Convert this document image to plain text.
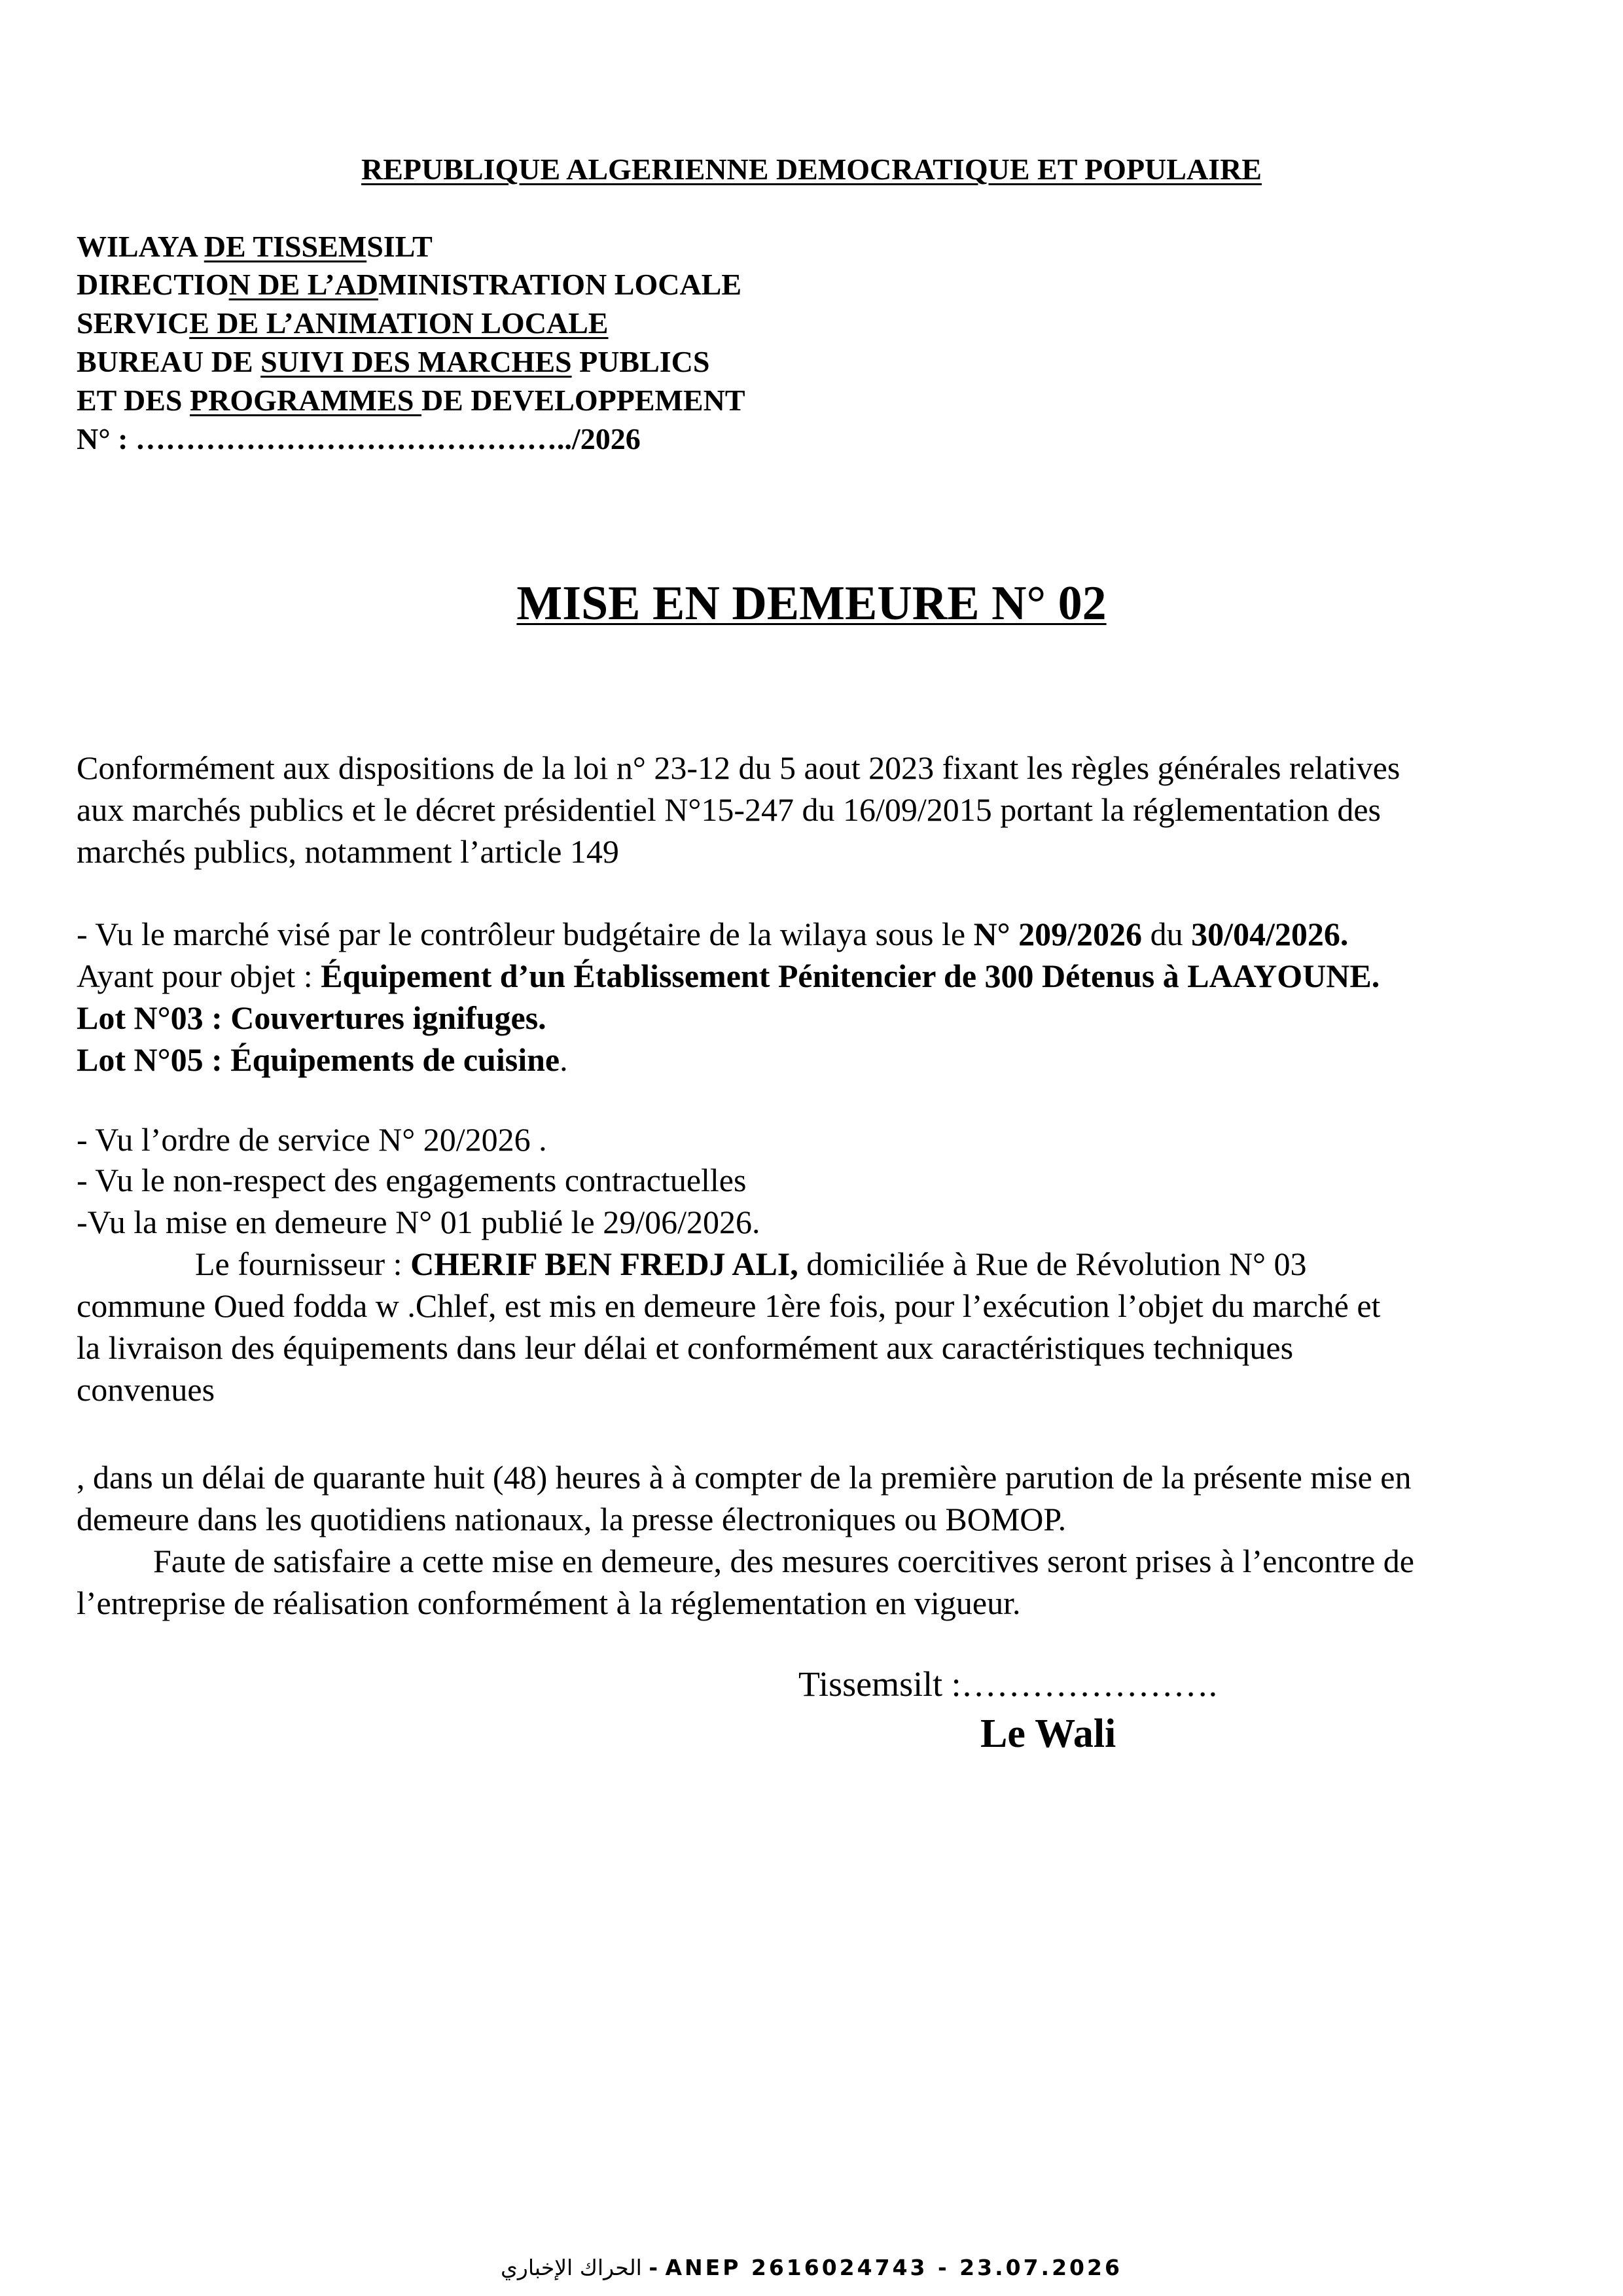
REPUBLIQUE ALGERIENNE DEMOCRATIQUE ET POPULAIRE
WILAYA DE TISSEMSILT
DIRECTION DE L’ADMINISTRATION LOCALE
SERVICE DE L’ANIMATION LOCALE
BUREAU DE SUIVI DES MARCHES PUBLICS
ET DES PROGRAMMES DE DEVELOPPEMENT
N° : ……………………………………../2026
MISE EN DEMEURE N° 02
Conformément aux dispositions de la loi n° 23-12 du 5 aout 2023 fixant les règles générales relatives
aux marchés publics et le décret présidentiel N°15-247 du 16/09/2015 portant la réglementation des
marchés publics, notamment l’article 149
- Vu le marché visé par le contrôleur budgétaire de la wilaya sous le N° 209/2026 du 30/04/2026.
Ayant pour objet : Équipement d’un Établissement Pénitencier de 300 Détenus à LAAYOUNE.
Lot N°03 : Couvertures ignifuges.
Lot N°05 : Équipements de cuisine.
- Vu l’ordre de service N° 20/2026 .
- Vu le non-respect des engagements contractuelles
-Vu la mise en demeure N° 01 publié le 29/06/2026.
Le fournisseur : CHERIF BEN FREDJ ALI, domiciliée à Rue de Révolution N° 03
commune Oued fodda w .Chlef, est mis en demeure 1ère fois, pour l’exécution l’objet du marché et
la livraison des équipements dans leur délai et conformément aux caractéristiques techniques
convenues
, dans un délai de quarante huit (48) heures à à compter de la première parution de la présente mise en
demeure dans les quotidiens nationaux, la presse électroniques ou BOMOP.
Faute de satisfaire a cette mise en demeure, des mesures coercitives seront prises à l’encontre de
l’entreprise de réalisation conformément à la réglementation en vigueur.
Tissemsilt :………………….
Le Wali
الحراك الإخباري - ANEP 2616024743 - 23.07.2026
